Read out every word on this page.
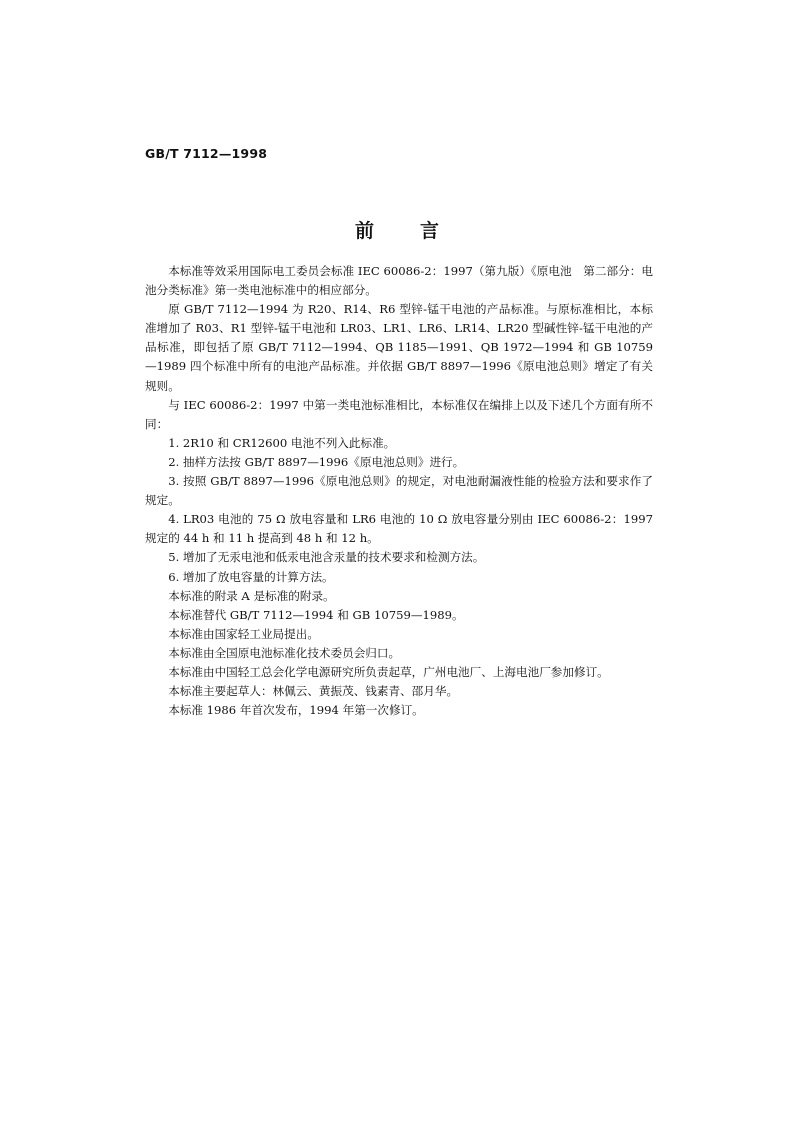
GB/T 7112—1998
前言

本标准等效采用国际电工委员会标准 IEC 60086-2：1997（第九版）《原电池　第二部分：电池分类标准》第一类电池标准中的相应部分。

原 GB/T 7112—1994 为 R20、R14、R6 型锌-锰干电池的产品标准。与原标准相比，本标准增加了 R03、R1 型锌-锰干电池和 LR03、LR1、LR6、LR14、LR20 型碱性锌-锰干电池的产品标准，即包括了原 GB/T 7112—1994、QB 1185—1991、QB 1972—1994 和 GB 10759—1989 四个标准中所有的电池产品标准。并依据 GB/T 8897—1996《原电池总则》增定了有关规则。

与 IEC 60086-2：1997 中第一类电池标准相比，本标准仅在编排上以及下述几个方面有所不同：

1. 2R10 和 CR12600 电池不列入此标准。

2. 抽样方法按 GB/T 8897—1996《原电池总则》进行。

3. 按照 GB/T 8897—1996《原电池总则》的规定，对电池耐漏液性能的检验方法和要求作了规定。

4. LR03 电池的 75 Ω 放电容量和 LR6 电池的 10 Ω 放电容量分别由 IEC 60086-2：1997 规定的 44 h 和 11 h 提高到 48 h 和 12 h。

5. 增加了无汞电池和低汞电池含汞量的技术要求和检测方法。

6. 增加了放电容量的计算方法。

本标准的附录 A 是标准的附录。

本标准替代 GB/T 7112—1994 和 GB 10759—1989。

本标准由国家轻工业局提出。

本标准由全国原电池标准化技术委员会归口。

本标准由中国轻工总会化学电源研究所负责起草，广州电池厂、上海电池厂参加修订。

本标准主要起草人：林佩云、黄振茂、钱素青、邵月华。

本标准 1986 年首次发布，1994 年第一次修订。
